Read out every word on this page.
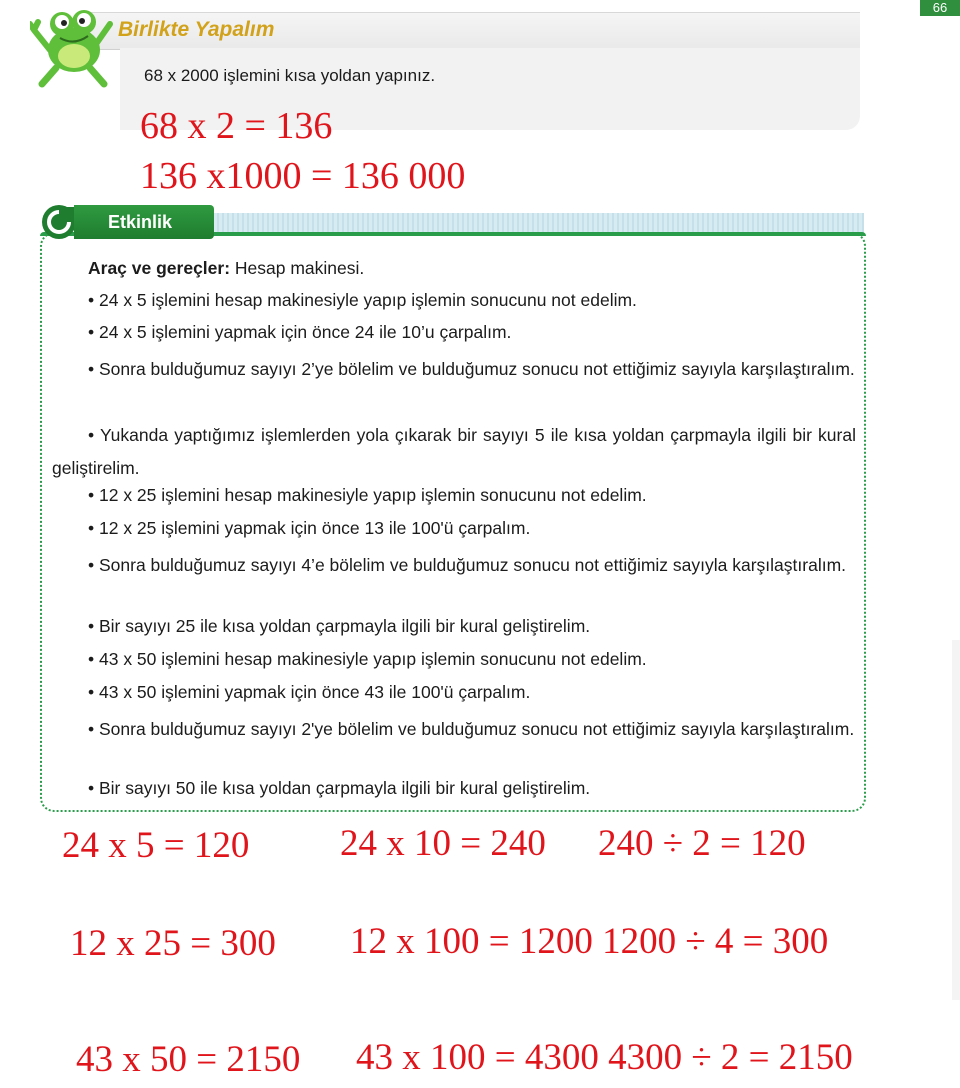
66
Birlikte Yapalım
68 x 2000 işlemini kısa yoldan yapınız.
68 x 2 = 136
136 x1000 = 136 000
Etkinlik
Araç ve gereçler: Hesap makinesi.
• 24 x 5 işlemini hesap makinesiyle yapıp işlemin sonucunu not edelim.
• 24 x 5 işlemini yapmak için önce 24 ile 10’u çarpalım.
• Sonra bulduğumuz sayıyı 2’ye bölelim ve bulduğumuz sonucu not ettiğimiz sayıyla karşılaştıralım.
• Yukanda yaptığımız işlemlerden yola çıkarak bir sayıyı 5 ile kısa yoldan çarpmayla ilgili bir kural geliştirelim.
• 12 x 25 işlemini hesap makinesiyle yapıp işlemin sonucunu not edelim.
• 12 x 25 işlemini yapmak için önce 13 ile 100'ü çarpalım.
• Sonra bulduğumuz sayıyı 4’e bölelim ve bulduğumuz sonucu not ettiğimiz sayıyla karşılaştıralım.
• Bir sayıyı 25 ile kısa yoldan çarpmayla ilgili bir kural geliştirelim.
• 43 x 50 işlemini hesap makinesiyle yapıp işlemin sonucunu not edelim.
• 43 x 50 işlemini yapmak için önce 43 ile 100'ü çarpalım.
• Sonra bulduğumuz sayıyı 2'ye bölelim ve bulduğumuz sonucu not ettiğimiz sayıyla karşılaştıralım.
• Bir sayıyı 50 ile kısa yoldan çarpmayla ilgili bir kural geliştirelim.
24 x 5 = 120 24 x 10 = 240 240 ÷ 2 = 120
12 x 25 = 300 12 x 100 = 1200 1200 ÷ 4 = 300
43 x 50 = 2150 43 x 100 = 4300 4300 ÷ 2 = 2150
